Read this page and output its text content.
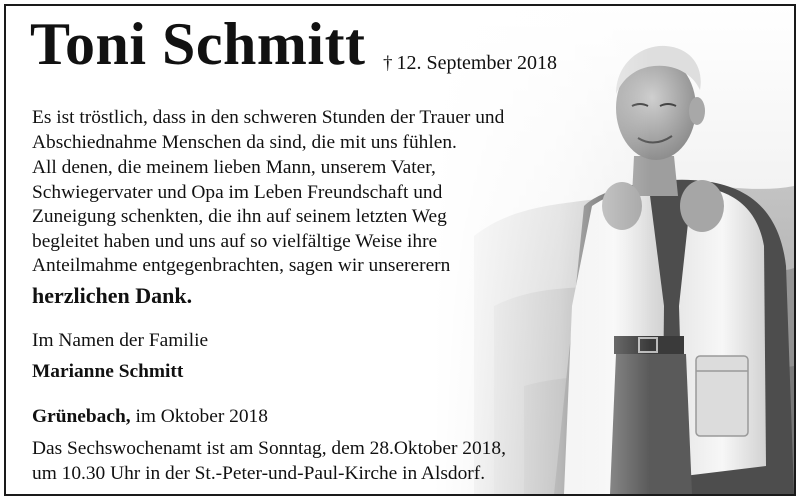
Toni Schmitt † 12. September 2018
Es ist tröstlich, dass in den schweren Stunden der Trauer und
Abschiednahme Menschen da sind, die mit uns fühlen.
All denen, die meinem lieben Mann, unserem Vater,
Schwiegervater und Opa im Leben Freundschaft und
Zuneigung schenkten, die ihn auf seinem letzten Weg
begleitet haben und uns auf so vielfältige Weise ihre
Anteilmahme entgegenbrachten, sagen wir unsererern
herzlichen Dank.
Im Namen der Familie
Marianne Schmitt
Grünebach, im Oktober 2018
Das Sechswochenamt ist am Sonntag, dem 28.Oktober 2018,
um 10.30 Uhr in der St.-Peter-und-Paul-Kirche in Alsdorf.
